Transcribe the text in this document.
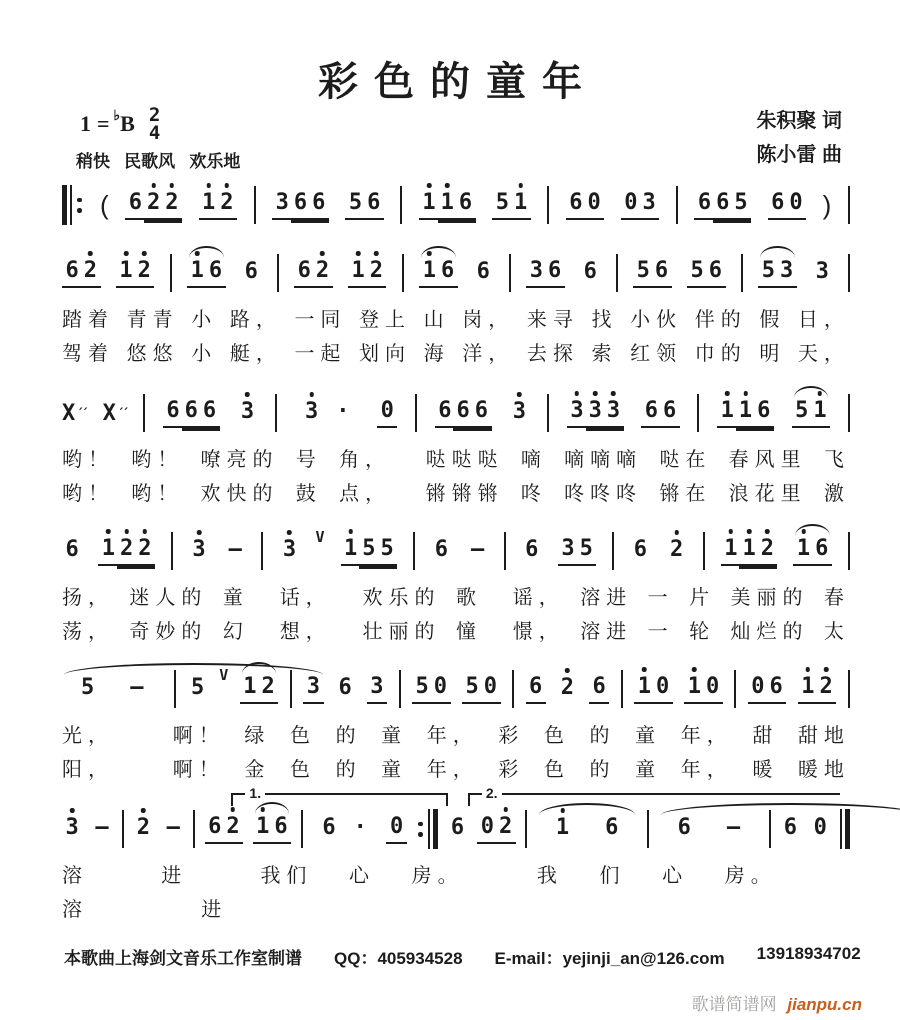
彩色的童年
1 = ♭ B 2
4
稍快   民歌风   欢乐地
朱积聚 词
陈小雷 曲
( 6 2 2 1 2 3 6 6 5 6 1 1 6 5 1 6 0 0 3 6 6 5 6 0 )
6 2 1 2 1 6 6 6 2 1 2 1 6 6 3 6 6 5 6 5 6 5 3 3
踏着 青青 小 路， 一同 登上 山 岗， 来寻 找 小伙 伴的 假 日，
驾着 悠悠 小 艇， 一起 划向 海 洋， 去探 索 红领 巾的 明 天，
X ′′	X ′′	6 6 6 3	3 ·	0 6 6 6 3 3 3 3 6 6 1 1 6 5 1
哟！ 哟！ 嘹亮的 号 角， 哒哒哒 嘀 嘀嘀嘀 哒在 春风里 飞
哟！ 哟！ 欢快的 鼓 点， 锵锵锵 咚 咚咚咚 锵在 浪花里 激
6 1 2 2 3 – 3 V 1 5 5 6 – 6 3 5 6 2 1 1 2 1 6
扬， 迷人的 童 话， 欢乐的 歌 谣， 溶进 一 片 美丽的 春
荡， 奇妙的 幻 想， 壮丽的 憧 憬， 溶进 一 轮 灿烂的 太
5 –	5 V 1 2 3 6 3 5 0 5 0 6 2 6 1 0 1 0 0 6 1 2
光，	啊！ 绿 色 的 童 年， 彩 色 的 童 年， 甜 甜地
阳，	啊！ 金 色 的 童 年， 彩 色 的 童 年， 暖 暖地
1.	2.
3 – 2 – 6 2 1 6	6 ·	0 6 0 2	1 6	6 –	6 0
溶	进	我们 心 房。	我 们 心 房。
溶	进
本歌曲上海剑文音乐工作室制谱 QQ：405934528 E-mail：yejinji_an@126.com 13918934702
歌谱简谱网 jianpu.cn
